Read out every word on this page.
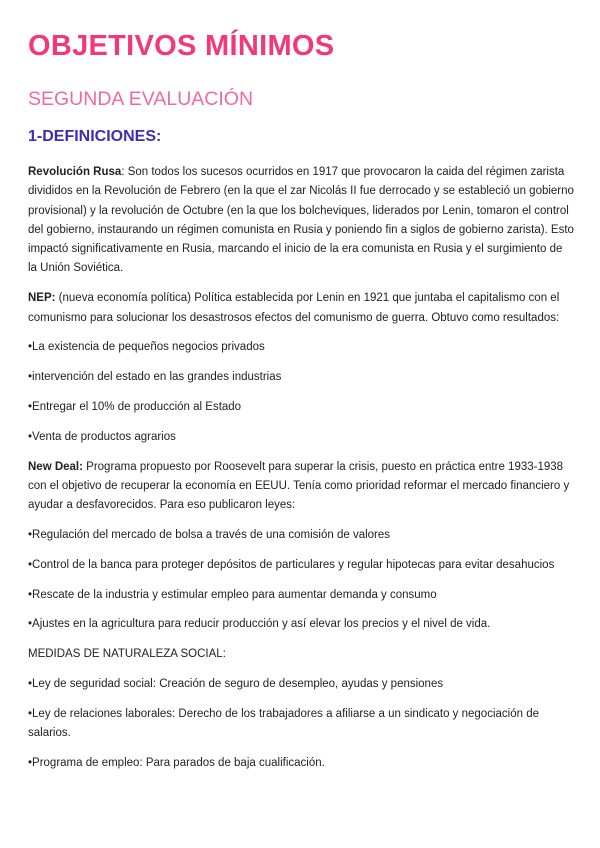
OBJETIVOS MÍNIMOS
SEGUNDA EVALUACIÓN
1-DEFINICIONES:

Revolución Rusa: Son todos los sucesos ocurridos en 1917 que provocaron la caida del régimen zarista divididos en la Revolución de Febrero (en la que el zar Nicolás II fue derrocado y se estableció un gobierno provisional) y la revolución de Octubre (en la que los bolcheviques, liderados por Lenin, tomaron el control del gobierno, instaurando un régimen comunista en Rusia y poniendo fin a siglos de gobierno zarista). Esto impactó significativamente en Rusia, marcando el inicio de la era comunista en Rusia y el surgimiento de la Unión Soviética.

NEP: (nueva economía política) Política establecida por Lenin en 1921 que juntaba el capitalismo con el comunismo para solucionar los desastrosos efectos del comunismo de guerra. Obtuvo como resultados:

• La existencia de pequeños negocios privados

• intervención del estado en las grandes industrias

• Entregar el 10% de producción al Estado

• Venta de productos agrarios

New Deal: Programa propuesto por Roosevelt para superar la crisis, puesto en práctica entre 1933-1938 con el objetivo de recuperar la economía en EEUU. Tenía como prioridad reformar el mercado financiero y ayudar a desfavorecidos. Para eso publicaron leyes:

• Regulación del mercado de bolsa a través de una comisión de valores

• Control de la banca para proteger depósitos de particulares y regular hipotecas para evitar desahucios

• Rescate de la industria y estimular empleo para aumentar demanda y consumo

• Ajustes en la agricultura para reducir producción y así elevar los precios y el nivel de vida.

MEDIDAS DE NATURALEZA SOCIAL:

• Ley de seguridad social: Creación de seguro de desempleo, ayudas y pensiones

• Ley de relaciones laborales: Derecho de los trabajadores a afiliarse a un sindicato y negociación de salarios.

• Programa de empleo: Para parados de baja cualificación.
